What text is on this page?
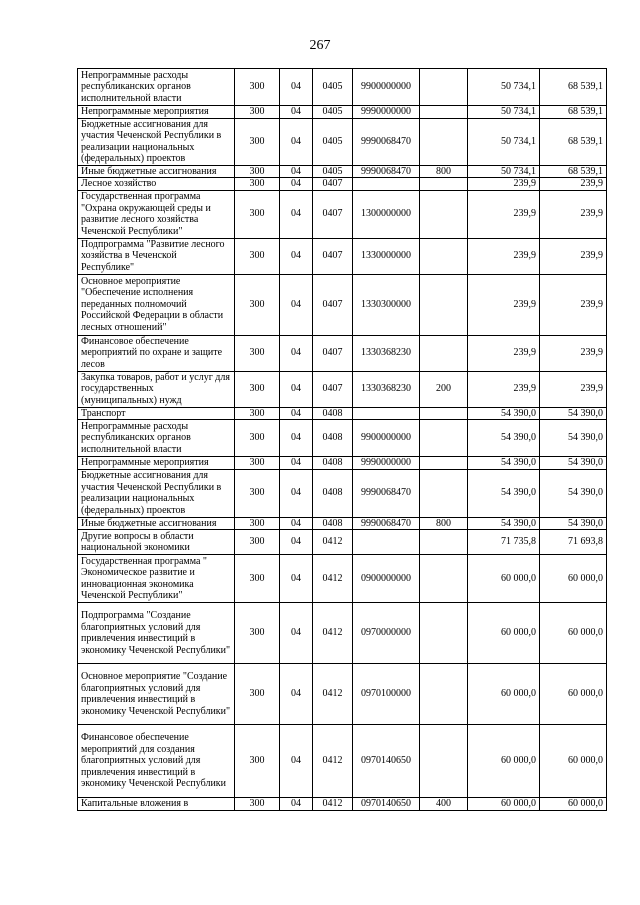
267
Непрограммные расходы республиканских органов исполнительной власти	300	04	0405	9900000000		50 734,1	68 539,1
Непрограммные мероприятия	300	04	0405	9990000000		50 734,1	68 539,1
Бюджетные ассигнования для участия Чеченской Республики в реализации национальных (федеральных) проектов	300	04	0405	9990068470		50 734,1	68 539,1
Иные бюджетные ассигнования	300	04	0405	9990068470	800	50 734,1	68 539,1
Лесное хозяйство	300	04	0407			239,9	239,9
Государственная программа "Охрана окружающей среды и развитие лесного хозяйства Чеченской Республики"	300	04	0407	1300000000		239,9	239,9
Подпрограмма "Развитие лесного хозяйства в Чеченской Республике"	300	04	0407	1330000000		239,9	239,9
Основное мероприятие "Обеспечение исполнения переданных полномочий Российской Федерации в области лесных отношений"	300	04	0407	1330300000		239,9	239,9
Финансовое обеспечение мероприятий по охране и защите лесов	300	04	0407	1330368230		239,9	239,9
Закупка товаров, работ и услуг для государственных (муниципальных) нужд	300	04	0407	1330368230	200	239,9	239,9
Транспорт	300	04	0408			54 390,0	54 390,0
Непрограммные расходы республиканских органов исполнительной власти	300	04	0408	9900000000		54 390,0	54 390,0
Непрограммные мероприятия	300	04	0408	9990000000		54 390,0	54 390,0
Бюджетные ассигнования для участия Чеченской Республики в реализации национальных (федеральных) проектов	300	04	0408	9990068470		54 390,0	54 390,0
Иные бюджетные ассигнования	300	04	0408	9990068470	800	54 390,0	54 390,0
Другие вопросы в области национальной экономики	300	04	0412			71 735,8	71 693,8
Государственная программа " Экономическое развитие и инновационная экономика Чеченской Республики"	300	04	0412	0900000000		60 000,0	60 000,0
Подпрограмма "Создание благоприятных условий для привлечения инвестиций в экономику Чеченской Республики"	300	04	0412	0970000000		60 000,0	60 000,0
Основное мероприятие "Создание благоприятных условий для привлечения инвестиций в экономику Чеченской Республики"	300	04	0412	0970100000		60 000,0	60 000,0
Финансовое обеспечение мероприятий для создания благоприятных условий для привлечения инвестиций в экономику Чеченской Республики	300	04	0412	0970140650		60 000,0	60 000,0
Капитальные вложения в	300	04	0412	0970140650	400	60 000,0	60 000,0
